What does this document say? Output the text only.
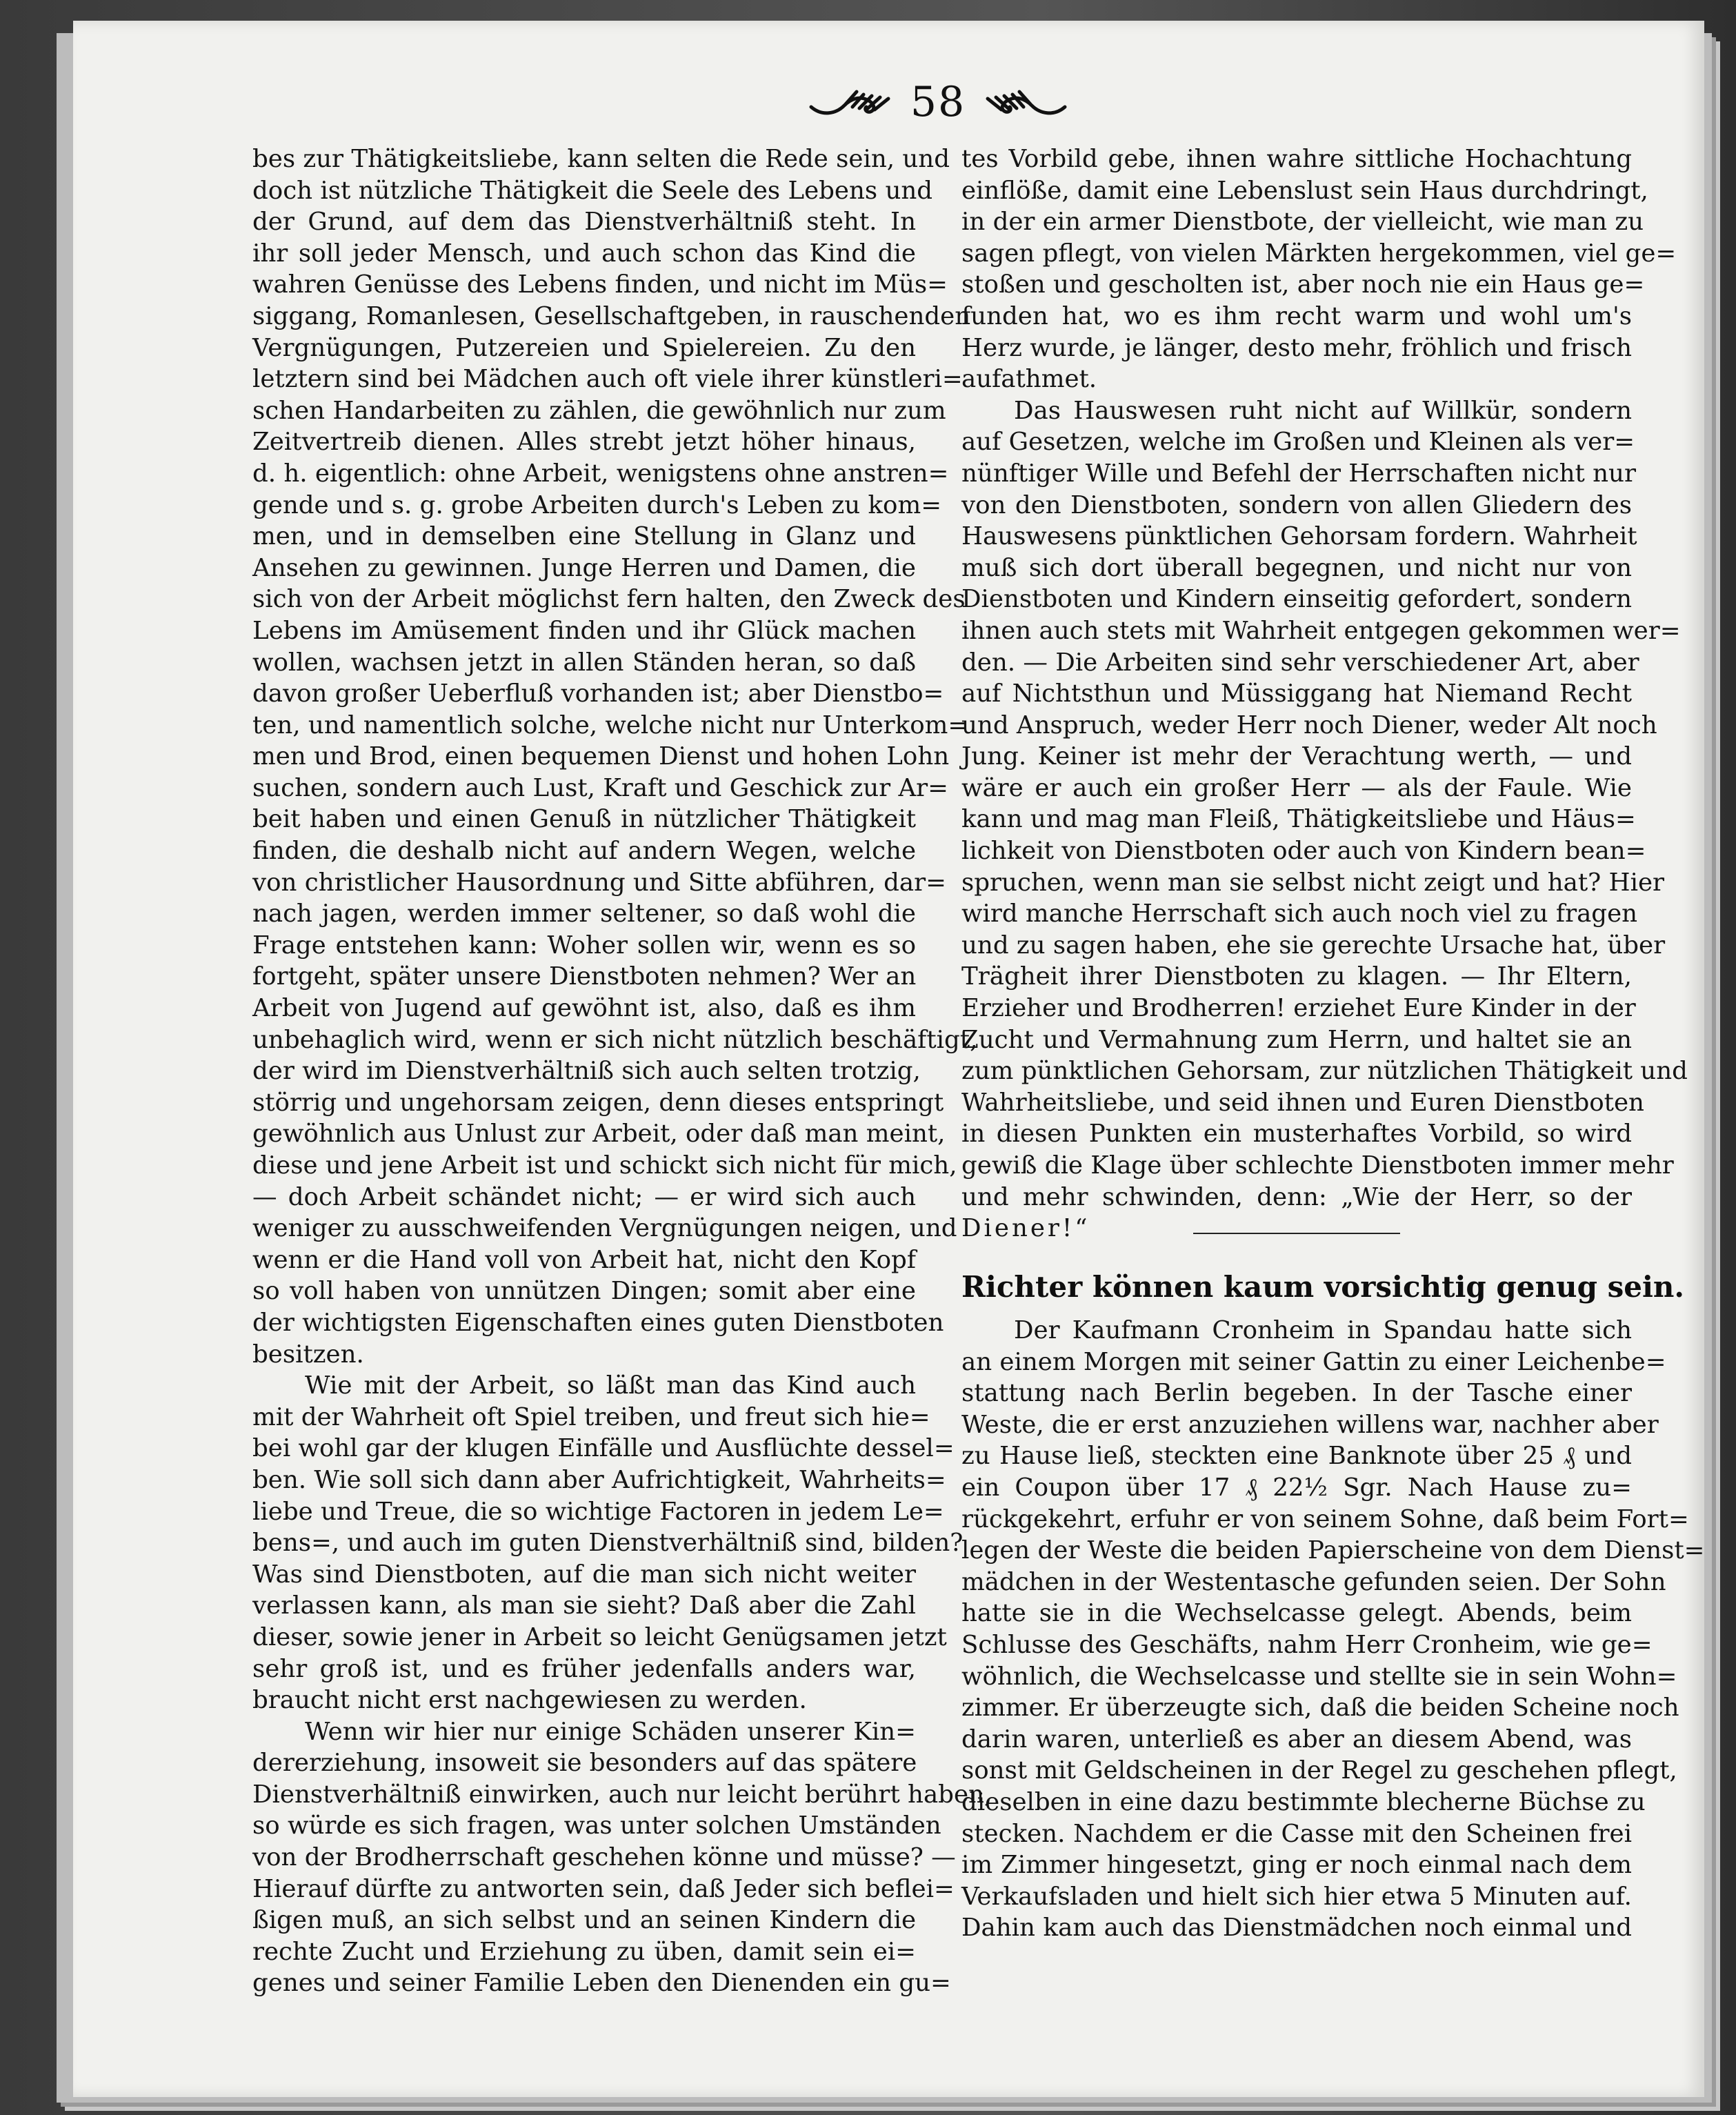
58
bes zur Thätigkeitsliebe, kann selten die Rede sein, und
doch ist nützliche Thätigkeit die Seele des Lebens und
der Grund, auf dem das Dienstverhältniß steht. In
ihr soll jeder Mensch, und auch schon das Kind die
wahren Genüsse des Lebens finden, und nicht im Müs=
siggang, Romanlesen, Gesellschaftgeben, in rauschenden
Vergnügungen, Putzereien und Spielereien. Zu den
letztern sind bei Mädchen auch oft viele ihrer künstleri=
schen Handarbeiten zu zählen, die gewöhnlich nur zum
Zeitvertreib dienen. Alles strebt jetzt höher hinaus,
d. h. eigentlich: ohne Arbeit, wenigstens ohne anstren=
gende und s. g. grobe Arbeiten durch's Leben zu kom=
men, und in demselben eine Stellung in Glanz und
Ansehen zu gewinnen. Junge Herren und Damen, die
sich von der Arbeit möglichst fern halten, den Zweck des
Lebens im Amüsement finden und ihr Glück machen
wollen, wachsen jetzt in allen Ständen heran, so daß
davon großer Ueberfluß vorhanden ist; aber Dienstbo=
ten, und namentlich solche, welche nicht nur Unterkom=
men und Brod, einen bequemen Dienst und hohen Lohn
suchen, sondern auch Lust, Kraft und Geschick zur Ar=
beit haben und einen Genuß in nützlicher Thätigkeit
finden, die deshalb nicht auf andern Wegen, welche
von christlicher Hausordnung und Sitte abführen, dar=
nach jagen, werden immer seltener, so daß wohl die
Frage entstehen kann: Woher sollen wir, wenn es so
fortgeht, später unsere Dienstboten nehmen? Wer an
Arbeit von Jugend auf gewöhnt ist, also, daß es ihm
unbehaglich wird, wenn er sich nicht nützlich beschäftigt,
der wird im Dienstverhältniß sich auch selten trotzig,
störrig und ungehorsam zeigen, denn dieses entspringt
gewöhnlich aus Unlust zur Arbeit, oder daß man meint,
diese und jene Arbeit ist und schickt sich nicht für mich,
— doch Arbeit schändet nicht; — er wird sich auch
weniger zu ausschweifenden Vergnügungen neigen, und
wenn er die Hand voll von Arbeit hat, nicht den Kopf
so voll haben von unnützen Dingen; somit aber eine
der wichtigsten Eigenschaften eines guten Dienstboten
besitzen.
Wie mit der Arbeit, so läßt man das Kind auch
mit der Wahrheit oft Spiel treiben, und freut sich hie=
bei wohl gar der klugen Einfälle und Ausflüchte dessel=
ben. Wie soll sich dann aber Aufrichtigkeit, Wahrheits=
liebe und Treue, die so wichtige Factoren in jedem Le=
bens=, und auch im guten Dienstverhältniß sind, bilden?
Was sind Dienstboten, auf die man sich nicht weiter
verlassen kann, als man sie sieht? Daß aber die Zahl
dieser, sowie jener in Arbeit so leicht Genügsamen jetzt
sehr groß ist, und es früher jedenfalls anders war,
braucht nicht erst nachgewiesen zu werden.
Wenn wir hier nur einige Schäden unserer Kin=
dererziehung, insoweit sie besonders auf das spätere
Dienstverhältniß einwirken, auch nur leicht berührt haben,
so würde es sich fragen, was unter solchen Umständen
von der Brodherrschaft geschehen könne und müsse? —
Hierauf dürfte zu antworten sein, daß Jeder sich beflei=
ßigen muß, an sich selbst und an seinen Kindern die
rechte Zucht und Erziehung zu üben, damit sein ei=
genes und seiner Familie Leben den Dienenden ein gu=
tes Vorbild gebe, ihnen wahre sittliche Hochachtung
einflöße, damit eine Lebenslust sein Haus durchdringt,
in der ein armer Dienstbote, der vielleicht, wie man zu
sagen pflegt, von vielen Märkten hergekommen, viel ge=
stoßen und gescholten ist, aber noch nie ein Haus ge=
funden hat, wo es ihm recht warm und wohl um's
Herz wurde, je länger, desto mehr, fröhlich und frisch
aufathmet.
Das Hauswesen ruht nicht auf Willkür, sondern
auf Gesetzen, welche im Großen und Kleinen als ver=
nünftiger Wille und Befehl der Herrschaften nicht nur
von den Dienstboten, sondern von allen Gliedern des
Hauswesens pünktlichen Gehorsam fordern. Wahrheit
muß sich dort überall begegnen, und nicht nur von
Dienstboten und Kindern einseitig gefordert, sondern
ihnen auch stets mit Wahrheit entgegen gekommen wer=
den. — Die Arbeiten sind sehr verschiedener Art, aber
auf Nichtsthun und Müssiggang hat Niemand Recht
und Anspruch, weder Herr noch Diener, weder Alt noch
Jung. Keiner ist mehr der Verachtung werth, — und
wäre er auch ein großer Herr — als der Faule. Wie
kann und mag man Fleiß, Thätigkeitsliebe und Häus=
lichkeit von Dienstboten oder auch von Kindern bean=
spruchen, wenn man sie selbst nicht zeigt und hat? Hier
wird manche Herrschaft sich auch noch viel zu fragen
und zu sagen haben, ehe sie gerechte Ursache hat, über
Trägheit ihrer Dienstboten zu klagen. — Ihr Eltern,
Erzieher und Brodherren! erziehet Eure Kinder in der
Zucht und Vermahnung zum Herrn, und haltet sie an
zum pünktlichen Gehorsam, zur nützlichen Thätigkeit und
Wahrheitsliebe, und seid ihnen und Euren Dienstboten
in diesen Punkten ein musterhaftes Vorbild, so wird
gewiß die Klage über schlechte Dienstboten immer mehr
und mehr schwinden, denn: „Wie der Herr, so der
Diener!“
Richter können kaum vorsichtig genug sein.
Der Kaufmann Cronheim in Spandau hatte sich
an einem Morgen mit seiner Gattin zu einer Leichenbe=
stattung nach Berlin begeben. In der Tasche einer
Weste, die er erst anzuziehen willens war, nachher aber
zu Hause ließ, steckten eine Banknote über 25 ₰ und
ein Coupon über 17 ₰ 22½ Sgr. Nach Hause zu=
rückgekehrt, erfuhr er von seinem Sohne, daß beim Fort=
legen der Weste die beiden Papierscheine von dem Dienst=
mädchen in der Westentasche gefunden seien. Der Sohn
hatte sie in die Wechselcasse gelegt. Abends, beim
Schlusse des Geschäfts, nahm Herr Cronheim, wie ge=
wöhnlich, die Wechselcasse und stellte sie in sein Wohn=
zimmer. Er überzeugte sich, daß die beiden Scheine noch
darin waren, unterließ es aber an diesem Abend, was
sonst mit Geldscheinen in der Regel zu geschehen pflegt,
dieselben in eine dazu bestimmte blecherne Büchse zu
stecken. Nachdem er die Casse mit den Scheinen frei
im Zimmer hingesetzt, ging er noch einmal nach dem
Verkaufsladen und hielt sich hier etwa 5 Minuten auf.
Dahin kam auch das Dienstmädchen noch einmal und
